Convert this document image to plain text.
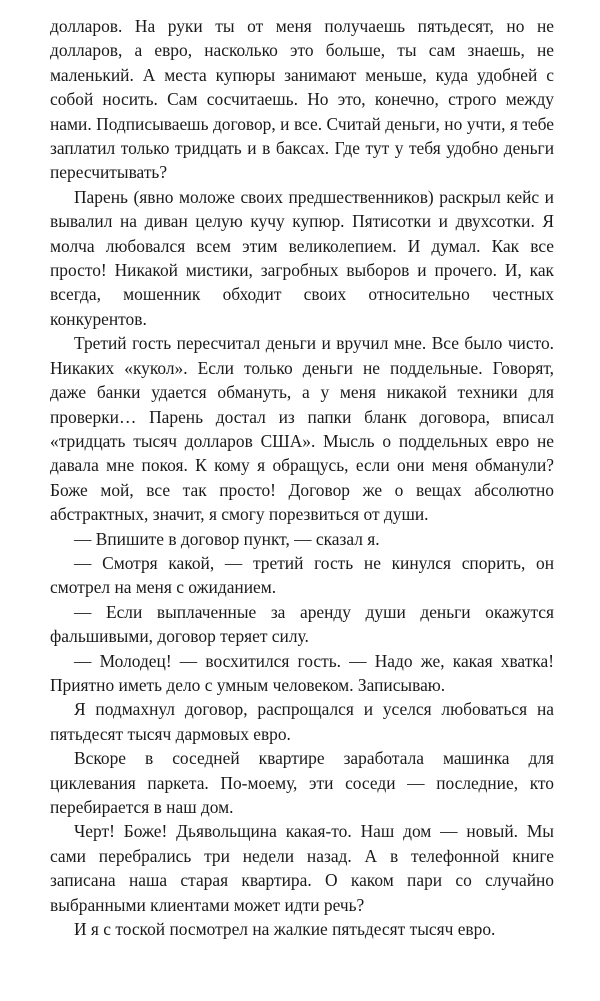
долларов. На руки ты от меня получаешь пятьдесят, но не долларов, а евро, насколько это больше, ты сам знаешь, не маленький. А места купюры занимают меньше, куда удобней с собой носить. Сам сосчитаешь. Но это, конечно, строго между нами. Подписываешь договор, и все. Считай деньги, но учти, я тебе заплатил только тридцать и в баксах. Где тут у тебя удобно деньги пересчитывать?

Парень (явно моложе своих предшественников) раскрыл кейс и вывалил на диван целую кучу купюр. Пятисотки и двухсотки. Я молча любовался всем этим великолепием. И думал. Как все просто! Никакой мистики, загробных выборов и прочего. И, как всегда, мошенник обходит своих относительно честных конкурентов.

Третий гость пересчитал деньги и вручил мне. Все было чисто. Никаких «кукол». Если только деньги не поддельные. Говорят, даже банки удается обмануть, а у меня никакой техники для проверки… Парень достал из папки бланк договора, вписал «тридцать тысяч долларов США». Мысль о поддельных евро не давала мне покоя. К кому я обращусь, если они меня обманули? Боже мой, все так просто! Договор же о вещах абсолютно абстрактных, значит, я смогу порезвиться от души.

— Впишите в договор пункт, — сказал я.

— Смотря какой, — третий гость не кинулся спорить, он смотрел на меня с ожиданием.

— Если выплаченные за аренду души деньги окажутся фальшивыми, договор теряет силу.

— Молодец! — восхитился гость. — Надо же, какая хватка! Приятно иметь дело с умным человеком. Записываю.

Я подмахнул договор, распрощался и уселся любоваться на пятьдесят тысяч дармовых евро.

Вскоре в соседней квартире заработала машинка для циклевания паркета. По-моему, эти соседи — последние, кто перебирается в наш дом.

Черт! Боже! Дьявольщина какая-то. Наш дом — новый. Мы сами перебрались три недели назад. А в телефонной книге записана наша старая квартира. О каком пари со случайно выбранными клиентами может идти речь?

И я с тоской посмотрел на жалкие пятьдесят тысяч евро.
